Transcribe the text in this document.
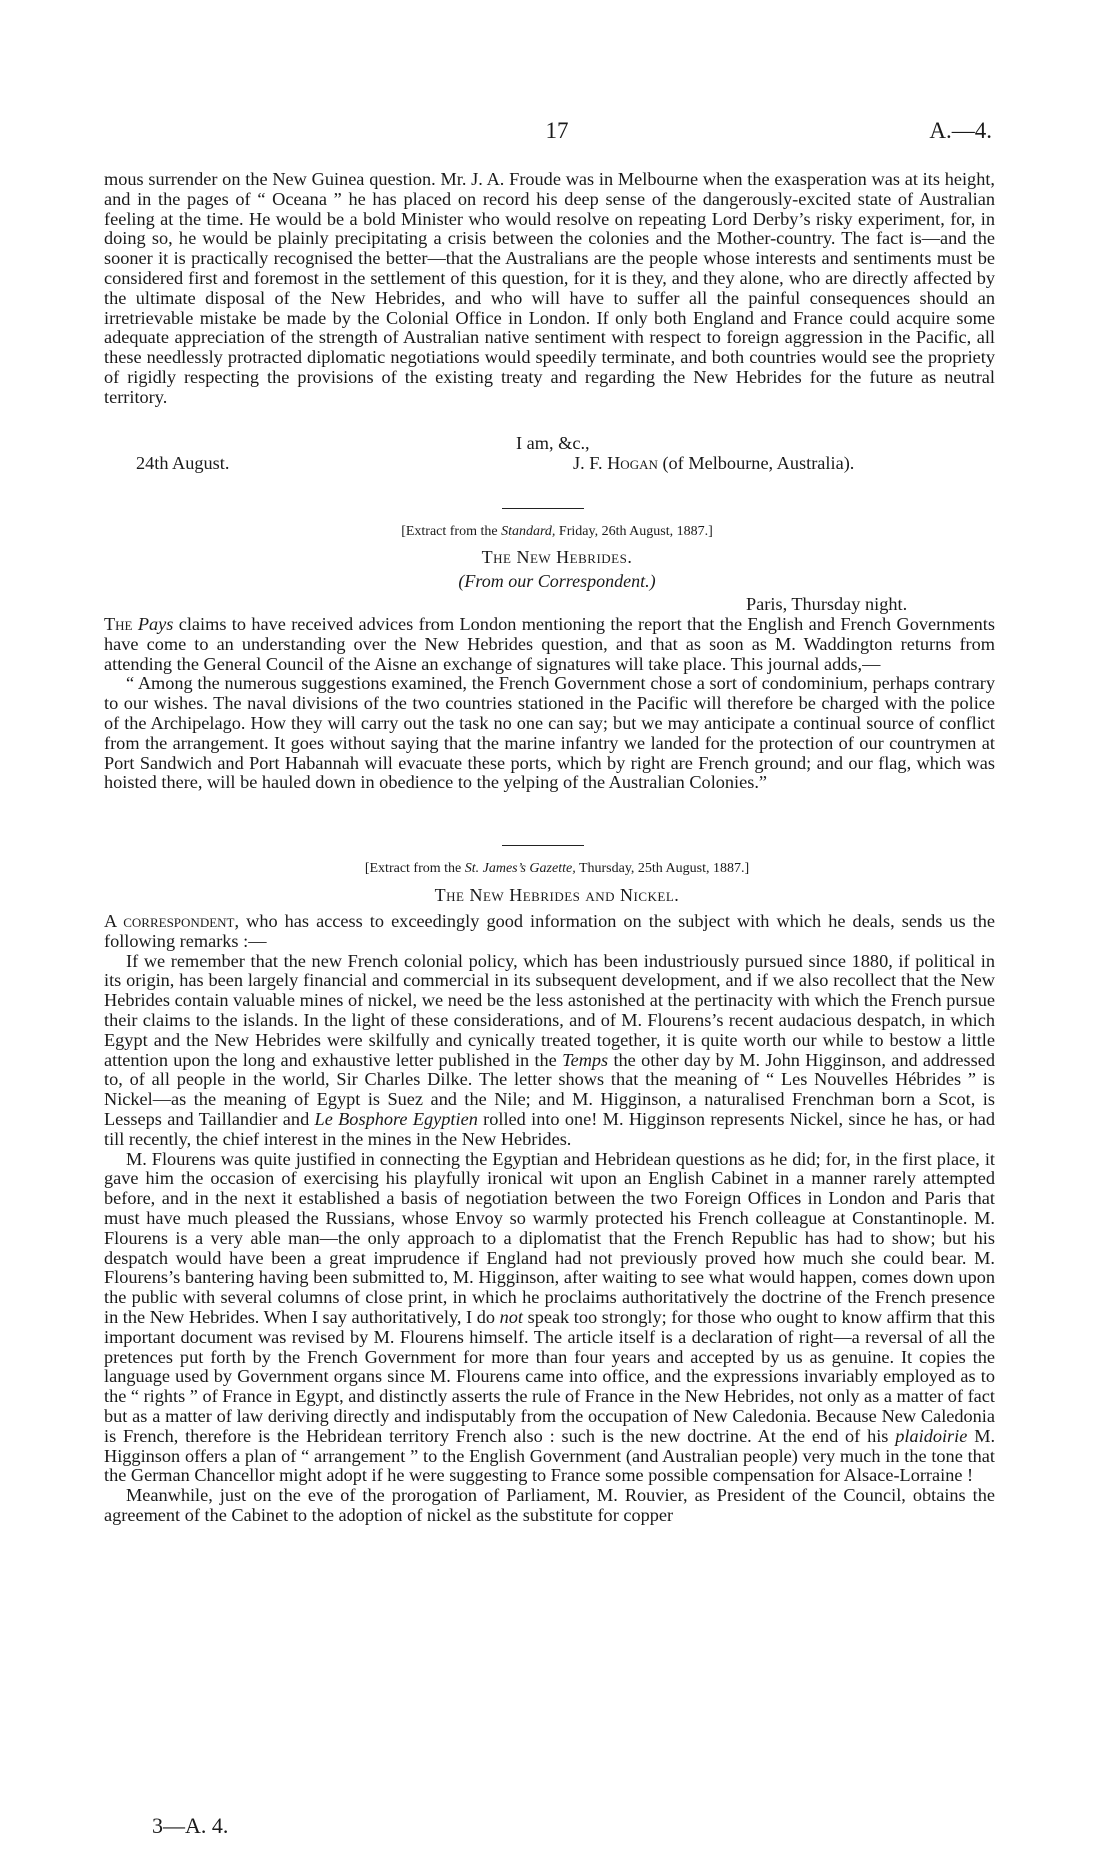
17	A.—4.

mous surrender on the New Guinea question. Mr. J. A. Froude was in Melbourne when the exasperation was at its height, and in the pages of “ Oceana ” he has placed on record his deep sense of the dangerously-excited state of Australian feeling at the time. He would be a bold Minister who would resolve on repeating Lord Derby’s risky experiment, for, in doing so, he would be plainly precipitating a crisis between the colonies and the Mother-country. The fact is—and the sooner it is practically recognised the better—that the Australians are the people whose interests and sentiments must be considered first and foremost in the settlement of this question, for it is they, and they alone, who are directly affected by the ultimate disposal of the New Hebrides, and who will have to suffer all the painful consequences should an irretrievable mistake be made by the Colonial Office in London. If only both England and France could acquire some adequate appreciation of the strength of Australian native sentiment with respect to foreign aggression in the Pacific, all these needlessly protracted diplomatic negotiations would speedily terminate, and both countries would see the propriety of rigidly respecting the provisions of the existing treaty and regarding the New Hebrides for the future as neutral territory.

I am, &c.,
24th August.	J. F. Hogan (of Melbourne, Australia).
[Extract from the Standard, Friday, 26th August, 1887.]
The New Hebrides.
(From our Correspondent.)
Paris, Thursday night.

The Pays claims to have received advices from London mentioning the report that the English and French Governments have come to an understanding over the New Hebrides question, and that as soon as M. Waddington returns from attending the General Council of the Aisne an exchange of signatures will take place. This journal adds,—

“ Among the numerous suggestions examined, the French Government chose a sort of condominium, perhaps contrary to our wishes. The naval divisions of the two countries stationed in the Pacific will therefore be charged with the police of the Archipelago. How they will carry out the task no one can say; but we may anticipate a continual source of conflict from the arrangement. It goes without saying that the marine infantry we landed for the protection of our countrymen at Port Sandwich and Port Habannah will evacuate these ports, which by right are French ground; and our flag, which was hoisted there, will be hauled down in obedience to the yelping of the Australian Colonies.”

[Extract from the St. James’s Gazette, Thursday, 25th August, 1887.]
The New Hebrides and Nickel.

A correspondent, who has access to exceedingly good information on the subject with which he deals, sends us the following remarks :—

If we remember that the new French colonial policy, which has been industriously pursued since 1880, if political in its origin, has been largely financial and commercial in its subsequent development, and if we also recollect that the New Hebrides contain valuable mines of nickel, we need be the less astonished at the pertinacity with which the French pursue their claims to the islands. In the light of these considerations, and of M. Flourens’s recent audacious despatch, in which Egypt and the New Hebrides were skilfully and cynically treated together, it is quite worth our while to bestow a little attention upon the long and exhaustive letter published in the Temps the other day by M. John Higginson, and addressed to, of all people in the world, Sir Charles Dilke. The letter shows that the meaning of “ Les Nouvelles Hébrides ” is Nickel—as the meaning of Egypt is Suez and the Nile; and M. Higginson, a naturalised Frenchman born a Scot, is Lesseps and Taillandier and Le Bosphore Egyptien rolled into one! M. Higginson represents Nickel, since he has, or had till recently, the chief interest in the mines in the New Hebrides.

M. Flourens was quite justified in connecting the Egyptian and Hebridean questions as he did; for, in the first place, it gave him the occasion of exercising his playfully ironical wit upon an English Cabinet in a manner rarely attempted before, and in the next it established a basis of negotiation between the two Foreign Offices in London and Paris that must have much pleased the Russians, whose Envoy so warmly protected his French colleague at Constantinople. M. Flourens is a very able man—the only approach to a diplomatist that the French Republic has had to show; but his despatch would have been a great imprudence if England had not previously proved how much she could bear. M. Flourens’s bantering having been submitted to, M. Higginson, after waiting to see what would happen, comes down upon the public with several columns of close print, in which he proclaims authoritatively the doctrine of the French presence in the New Hebrides. When I say authoritatively, I do not speak too strongly; for those who ought to know affirm that this important document was revised by M. Flourens himself. The article itself is a declaration of right—a reversal of all the pretences put forth by the French Government for more than four years and accepted by us as genuine. It copies the language used by Government organs since M. Flourens came into office, and the expressions invariably employed as to the “ rights ” of France in Egypt, and distinctly asserts the rule of France in the New Hebrides, not only as a matter of fact but as a matter of law deriving directly and indisputably from the occupation of New Caledonia. Because New Caledonia is French, therefore is the Hebridean territory French also : such is the new doctrine. At the end of his plaidoirie M. Higginson offers a plan of “ arrangement ” to the English Government (and Australian people) very much in the tone that the German Chancellor might adopt if he were suggesting to France some possible compensation for Alsace-Lorraine !

Meanwhile, just on the eve of the prorogation of Parliament, M. Rouvier, as President of the Council, obtains the agreement of the Cabinet to the adoption of nickel as the substitute for copper

3—A. 4.
